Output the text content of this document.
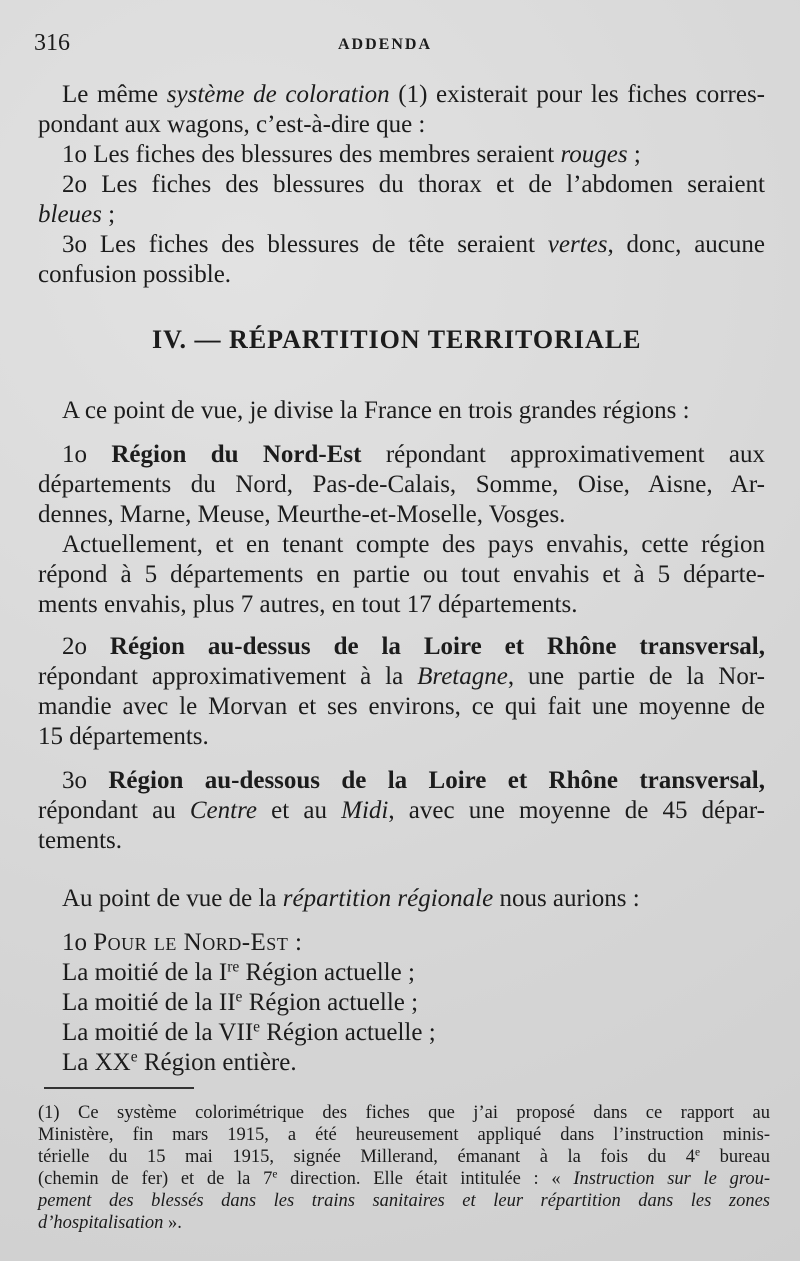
316	ADDENDA
Le même système de coloration (1) existerait pour les fiches corres-
pondant aux wagons, c’est-à-dire que :
1o Les fiches des blessures des membres seraient rouges ;
2o Les fiches des blessures du thorax et de l’abdomen seraient
bleues ;
3o Les fiches des blessures de tête seraient vertes, donc, aucune
confusion possible.
IV. — RÉPARTITION TERRITORIALE
A ce point de vue, je divise la France en trois grandes régions :
1o Région du Nord-Est répondant approximativement aux
départements du Nord, Pas-de-Calais, Somme, Oise, Aisne, Ar-
dennes, Marne, Meuse, Meurthe-et-Moselle, Vosges.
Actuellement, et en tenant compte des pays envahis, cette région
répond à 5 départements en partie ou tout envahis et à 5 départe-
ments envahis, plus 7 autres, en tout 17 départements.
2o Région au-dessus de la Loire et Rhône transversal,
répondant approximativement à la Bretagne, une partie de la Nor-
mandie avec le Morvan et ses environs, ce qui fait une moyenne de
15 départements.
3o Région au-dessous de la Loire et Rhône transversal,
répondant au Centre et au Midi, avec une moyenne de 45 dépar-
tements.
Au point de vue de la répartition régionale nous aurions :
1o Pour le Nord-Est :
La moitié de la Ire Région actuelle ;
La moitié de la IIe Région actuelle ;
La moitié de la VIIe Région actuelle ;
La XXe Région entière.
(1) Ce système colorimétrique des fiches que j’ai proposé dans ce rapport au
Ministère, fin mars 1915, a été heureusement appliqué dans l’instruction minis-
térielle du 15 mai 1915, signée Millerand, émanant à la fois du 4e bureau
(chemin de fer) et de la 7e direction. Elle était intitulée : « Instruction sur le grou-
pement des blessés dans les trains sanitaires et leur répartition dans les zones
d’hospitalisation ».
